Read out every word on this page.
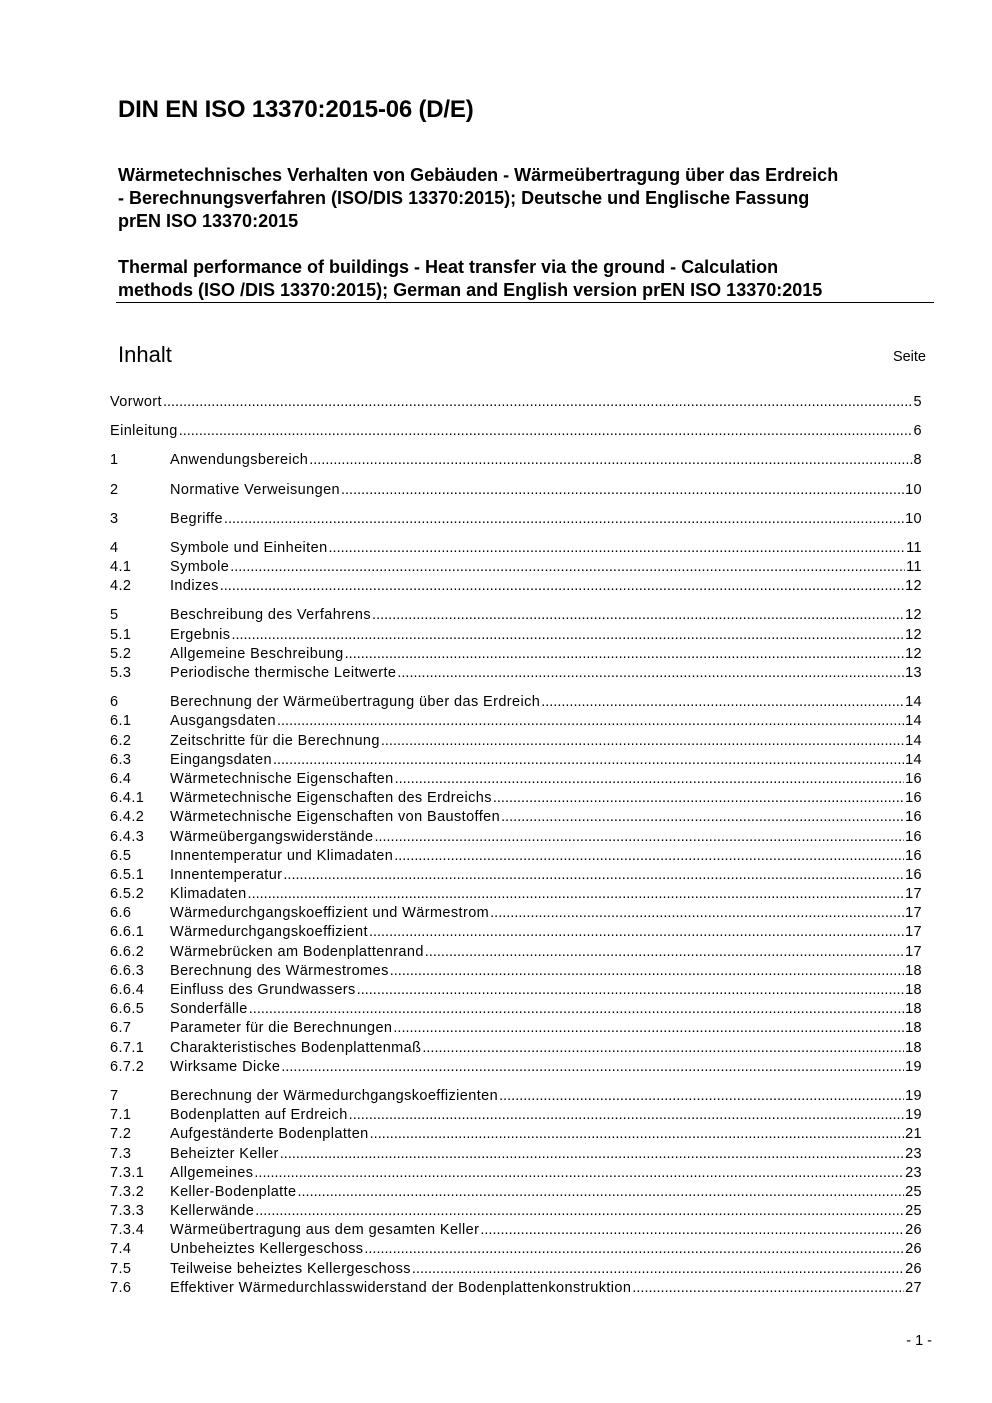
DIN EN ISO 13370:2015-06 (D/E)
Wärmetechnisches Verhalten von Gebäuden - Wärmeübertragung über das Erdreich
- Berechnungsverfahren (ISO/DIS 13370:2015); Deutsche und Englische Fassung
prEN ISO 13370:2015
Thermal performance of buildings - Heat transfer via the ground - Calculation
methods (ISO /DIS 13370:2015); German and English version prEN ISO 13370:2015
Inhalt	Seite
Vorwort .....	5
Einleitung .....	6
1	Anwendungsbereich .....	8
2	Normative Verweisungen .....	10
3	Begriffe .....	10
4	Symbole und Einheiten .....	11
4.1	Symbole .....	11
4.2	Indizes .....	12
5	Beschreibung des Verfahrens .....	12
5.1	Ergebnis .....	12
5.2	Allgemeine Beschreibung .....	12
5.3	Periodische thermische Leitwerte .....	13
6	Berechnung der Wärmeübertragung über das Erdreich .....	14
6.1	Ausgangsdaten .....	14
6.2	Zeitschritte für die Berechnung .....	14
6.3	Eingangsdaten .....	14
6.4	Wärmetechnische Eigenschaften .....	16
6.4.1	Wärmetechnische Eigenschaften des Erdreichs .....	16
6.4.2	Wärmetechnische Eigenschaften von Baustoffen .....	16
6.4.3	Wärmeübergangswiderstände .....	16
6.5	Innentemperatur und Klimadaten .....	16
6.5.1	Innentemperatur .....	16
6.5.2	Klimadaten .....	17
6.6	Wärmedurchgangskoeffizient und Wärmestrom .....	17
6.6.1	Wärmedurchgangskoeffizient .....	17
6.6.2	Wärmebrücken am Bodenplattenrand .....	17
6.6.3	Berechnung des Wärmestromes .....	18
6.6.4	Einfluss des Grundwassers .....	18
6.6.5	Sonderfälle .....	18
6.7	Parameter für die Berechnungen .....	18
6.7.1	Charakteristisches Bodenplattenmaß .....	18
6.7.2	Wirksame Dicke .....	19
7	Berechnung der Wärmedurchgangskoeffizienten .....	19
7.1	Bodenplatten auf Erdreich .....	19
7.2	Aufgeständerte Bodenplatten .....	21
7.3	Beheizter Keller .....	23
7.3.1	Allgemeines .....	23
7.3.2	Keller-Bodenplatte .....	25
7.3.3	Kellerwände .....	25
7.3.4	Wärmeübertragung aus dem gesamten Keller .....	26
7.4	Unbeheiztes Kellergeschoss .....	26
7.5	Teilweise beheiztes Kellergeschoss .....	26
7.6	Effektiver Wärmedurchlasswiderstand der Bodenplattenkonstruktion .....	27
- 1 -
